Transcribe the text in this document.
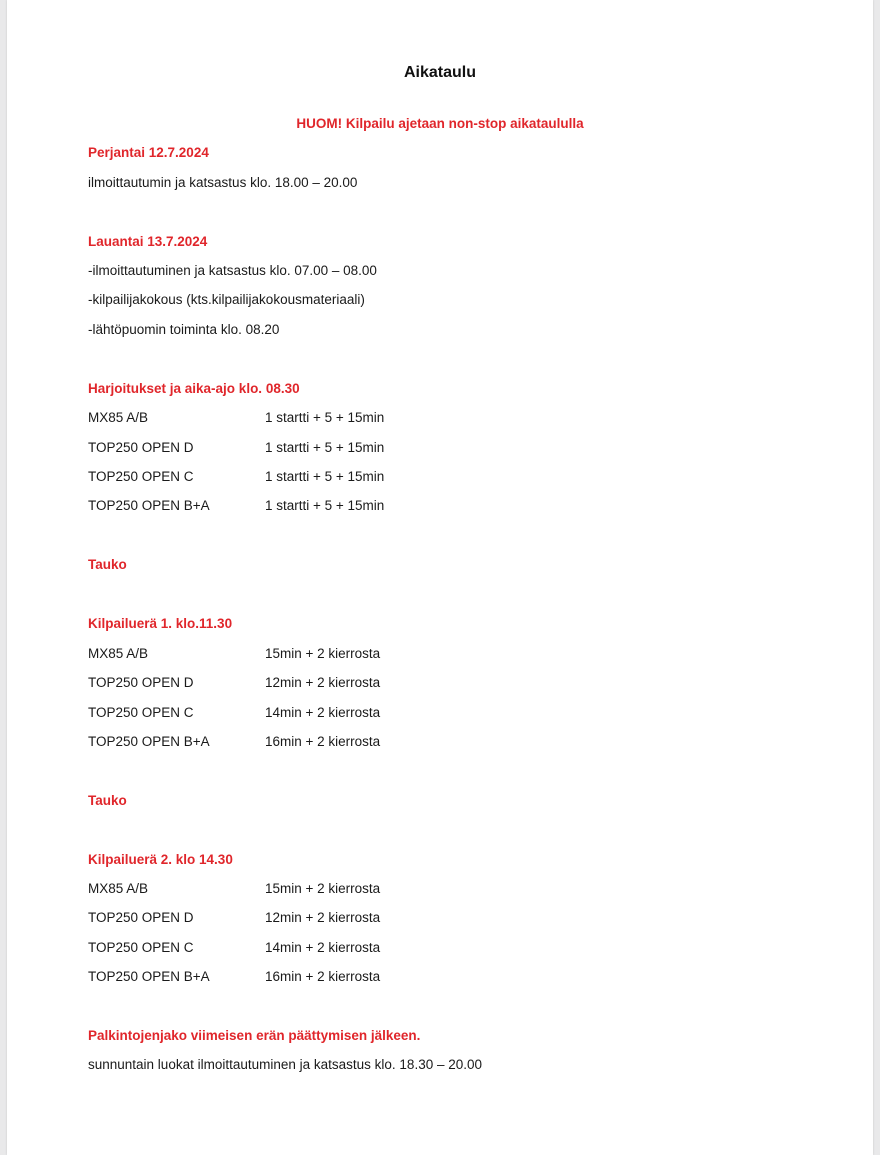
Aikataulu
HUOM! Kilpailu ajetaan non-stop aikataululla
Perjantai 12.7.2024
ilmoittautumin ja katsastus klo. 18.00 – 20.00
Lauantai 13.7.2024
-ilmoittautuminen ja katsastus klo. 07.00 – 08.00
-kilpailijakokous (kts.kilpailijakokousmateriaali)
-lähtöpuomin toiminta klo. 08.20
Harjoitukset ja aika-ajo klo. 08.30
MX85 A/B	1 startti + 5 + 15min
TOP250 OPEN D	1 startti + 5 + 15min
TOP250 OPEN C	1 startti + 5 + 15min
TOP250 OPEN B+A	1 startti + 5 + 15min
Tauko
Kilpailuerä 1. klo.11.30
MX85 A/B	15min + 2 kierrosta
TOP250 OPEN D	12min + 2 kierrosta
TOP250 OPEN C	14min + 2 kierrosta
TOP250 OPEN B+A	16min + 2 kierrosta
Tauko
Kilpailuerä 2. klo 14.30
MX85 A/B	15min + 2 kierrosta
TOP250 OPEN D	12min + 2 kierrosta
TOP250 OPEN C	14min + 2 kierrosta
TOP250 OPEN B+A	16min + 2 kierrosta
Palkintojenjako viimeisen erän päättymisen jälkeen.
sunnuntain luokat ilmoittautuminen ja katsastus klo. 18.30 – 20.00
